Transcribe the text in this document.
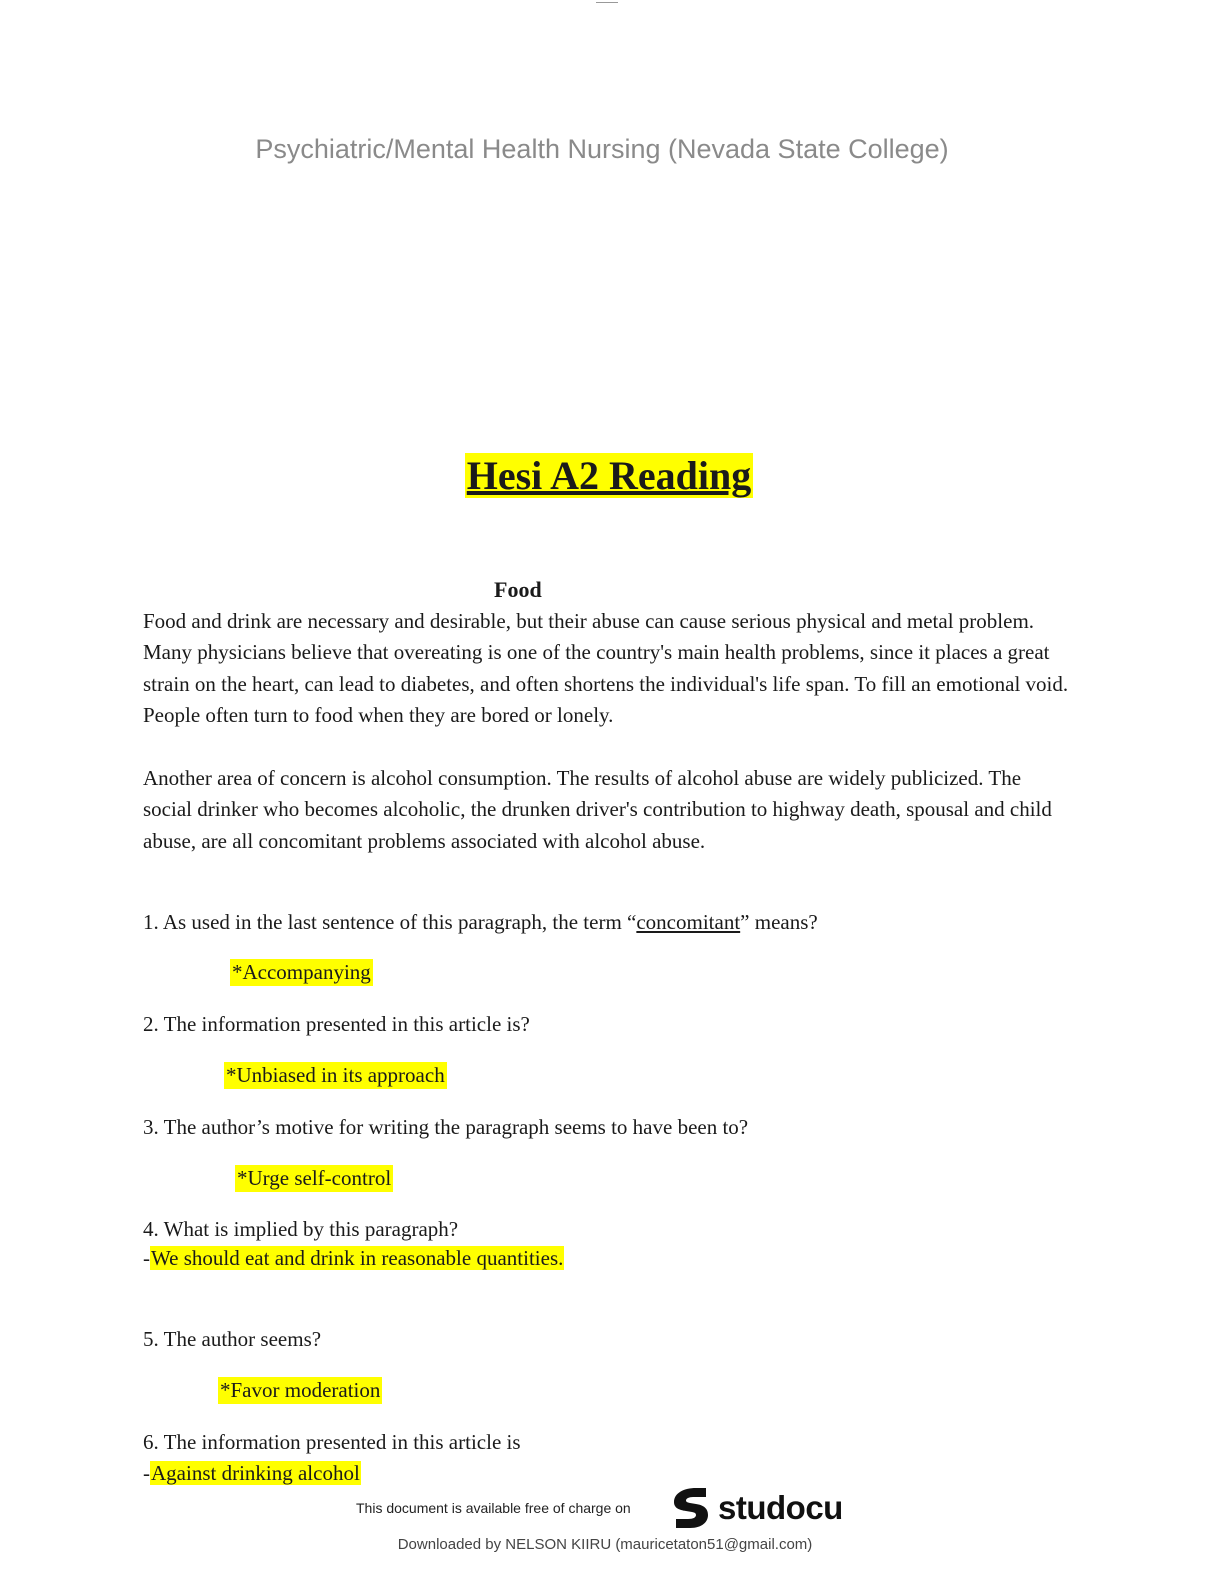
Psychiatric/Mental Health Nursing (Nevada State College)
Hesi A2 Reading
Food
Food and drink are necessary and desirable, but their abuse can cause serious physical and metal problem. Many physicians believe that overeating is one of the country's main health problems, since it places a great strain on the heart, can lead to diabetes, and often shortens the individual's life span. To fill an emotional void. People often turn to food when they are bored or lonely.
Another area of concern is alcohol consumption. The results of alcohol abuse are widely publicized. The social drinker who becomes alcoholic, the drunken driver's contribution to highway death, spousal and child abuse, are all concomitant problems associated with alcohol abuse.
1. As used in the last sentence of this paragraph, the term “concomitant” means?
*Accompanying
2. The information presented in this article is?
*Unbiased in its approach
3. The author’s motive for writing the paragraph seems to have been to?
*Urge self-control
4. What is implied by this paragraph?
-We should eat and drink in reasonable quantities.
5. The author seems?
*Favor moderation
6. The information presented in this article is
-Against drinking alcohol
This document is available free of charge on	studocu
Downloaded by NELSON KIIRU (mauricetaton51@gmail.com)
